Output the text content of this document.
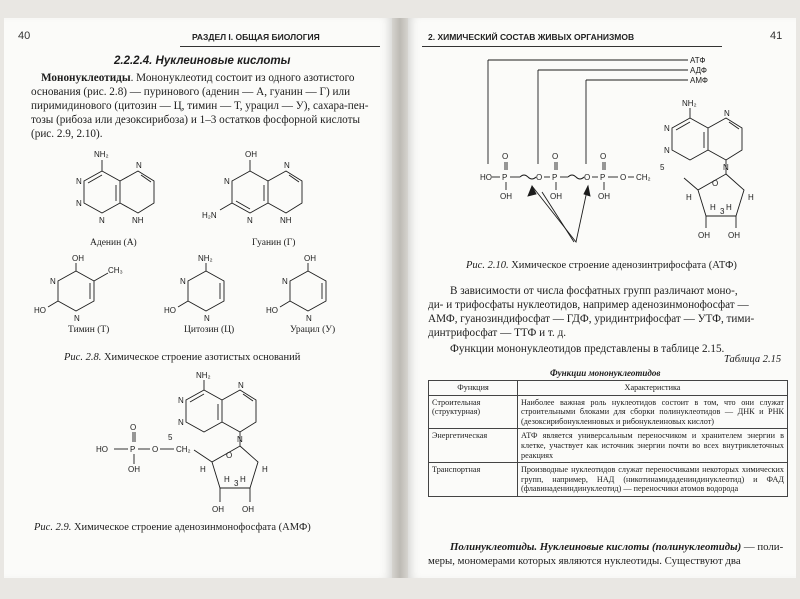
40	РАЗДЕЛ I. ОБЩАЯ БИОЛОГИЯ
2.2.2.4. Нуклеиновые кислоты
Мононуклеотиды. Мононуклеотид состоит из одного азотистого
основания (рис. 2.8) — пуринового (аденин — А, гуанин — Г) или
пиримидинового (цитозин — Ц, тимин — Т, урацил — У), сахара-пен-
тозы (рибоза или дезоксирибоза) и 1–3 остатков фосфорной кислоты
(рис. 2.9, 2.10).
NH₂
N
N
N
N
NH
Аденин (А)
OH
N
H₂N
N
N
NH
Гуанин (Г)
OH
CH₃
N
N
HO
Тимин (Т)
NH₂
N
N
HO
Цитозин (Ц)
OH
N
N
HO
Урацил (У)
Рис. 2.8. Химическое строение азотистых оснований
NH₂
N
N
N
N
O
H	H
H H
3
OH OH
CH₂
5
O
P
O
OH
HO
Рис. 2.9. Химическое строение аденозинмонофосфата (АМФ)
2. ХИМИЧЕСКИЙ СОСТАВ ЖИВЫХ ОРГАНИЗМОВ	41
АТФ
АДФ
АМФ
NH₂
N
N
N
N
O
H	H
H H
3
OH OH
HO P
O
OH
O P
O
OH
O P
O
OH
O CH₂
5
Рис. 2.10. Химическое строение аденозинтрифосфата (АТФ)
В зависимости от числа фосфатных групп различают моно-,
ди- и трифосфаты нуклеотидов, например аденозинмонофосфат —
АМФ, гуанозиндифосфат — ГДФ, уридинтрифосфат — УТФ, тими-
динтрифосфат — ТТФ и т. д.
Функции мононуклеотидов представлены в таблице 2.15.
Таблица 2.15
Функции мононуклеотидов
Функция	Характеристика
Строительная (структурная)	Наиболее важная роль нуклеотидов состоит в том, что они служат строительными блоками для сборки полинуклеотидов — ДНК и РНК (дезоксирибонуклеиновых и рибонуклеиновых кислот)
Энергетическая	АТФ является универсальным переносчиком и хранителем энергии в клетке, участвует как источник энергии почти во всех внутриклеточных реакциях
Транспортная	Производные нуклеотидов служат переносчиками некоторых химических групп, например, НАД (никотинамидадениндинуклеотид) и ФАД (флавинадениндинуклеотид) — переносчики атомов водорода
Полинуклеотиды. Нуклеиновые кислоты (полинуклеотиды) — поли-
меры, мономерами которых являются нуклеотиды. Существуют два
